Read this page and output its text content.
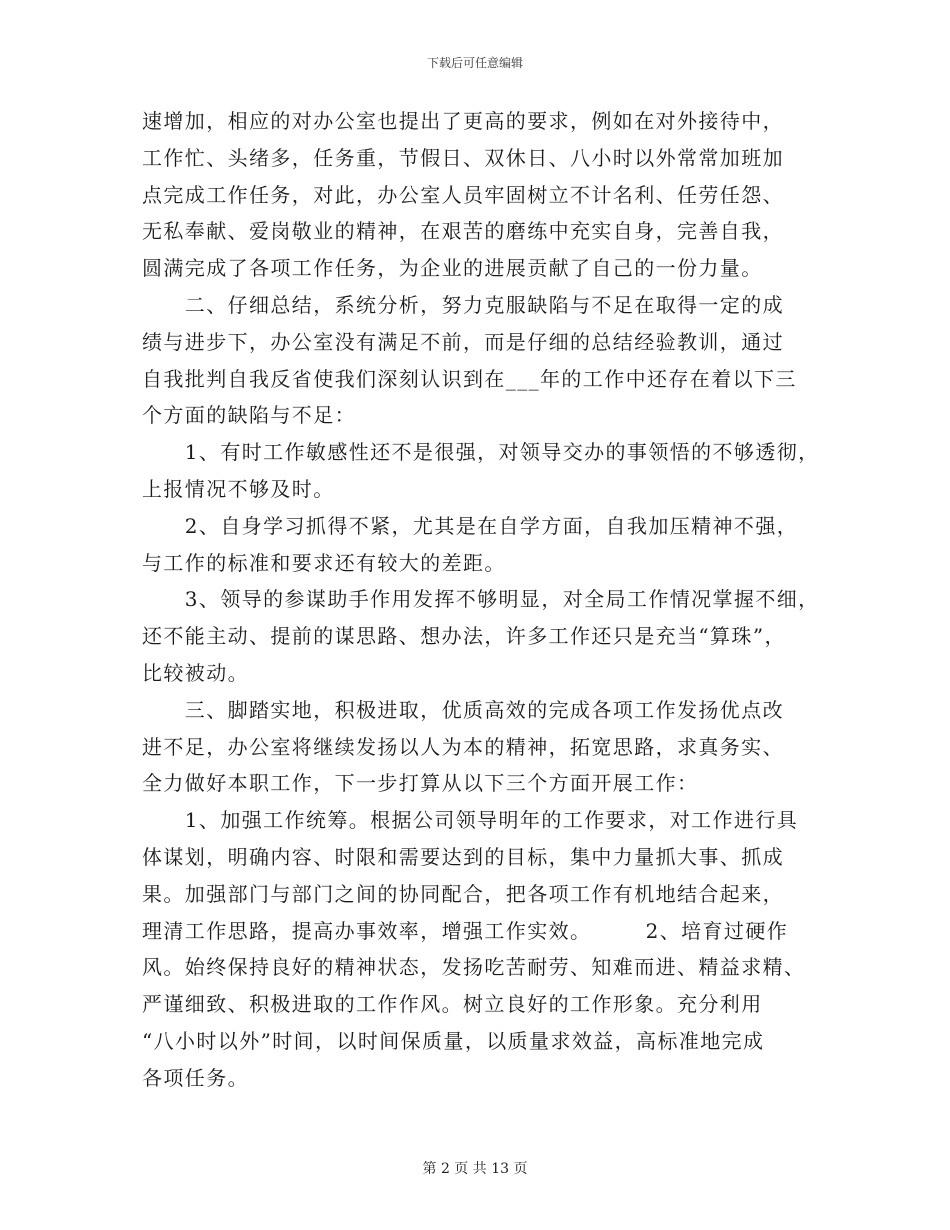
下载后可任意编辑
速增加，相应的对办公室也提出了更高的要求，例如在对外接待中，
工作忙、头绪多，任务重，节假日、双休日、八小时以外常常加班加
点完成工作任务，对此，办公室人员牢固树立不计名利、任劳任怨、
无私奉献、爱岗敬业的精神，在艰苦的磨练中充实自身，完善自我，
圆满完成了各项工作任务，为企业的进展贡献了自己的一份力量。
　　二、仔细总结，系统分析，努力克服缺陷与不足在取得一定的成
绩与进步下，办公室没有满足不前，而是仔细的总结经验教训，通过
自我批判自我反省使我们深刻认识到在___年的工作中还存在着以下三
个方面的缺陷与不足：
　　1、有时工作敏感性还不是很强，对领导交办的事领悟的不够透彻，
上报情况不够及时。
　　2、自身学习抓得不紧，尤其是在自学方面，自我加压精神不强，
与工作的标准和要求还有较大的差距。
　　3、领导的参谋助手作用发挥不够明显，对全局工作情况掌握不细，
还不能主动、提前的谋思路、想办法，许多工作还只是充当“算珠”，
比较被动。
　　三、脚踏实地，积极进取，优质高效的完成各项工作发扬优点改
进不足，办公室将继续发扬以人为本的精神，拓宽思路，求真务实、
全力做好本职工作，下一步打算从以下三个方面开展工作：
　　1、加强工作统筹。根据公司领导明年的工作要求，对工作进行具
体谋划，明确内容、时限和需要达到的目标，集中力量抓大事、抓成
果。加强部门与部门之间的协同配合，把各项工作有机地结合起来，
理清工作思路，提高办事效率，增强工作实效。　　　2、培育过硬作
风。始终保持良好的精神状态，发扬吃苦耐劳、知难而进、精益求精、
严谨细致、积极进取的工作作风。树立良好的工作形象。充分利用
“八小时以外”时间，以时间保质量，以质量求效益，高标准地完成
各项任务。
第 2 页 共 13 页
